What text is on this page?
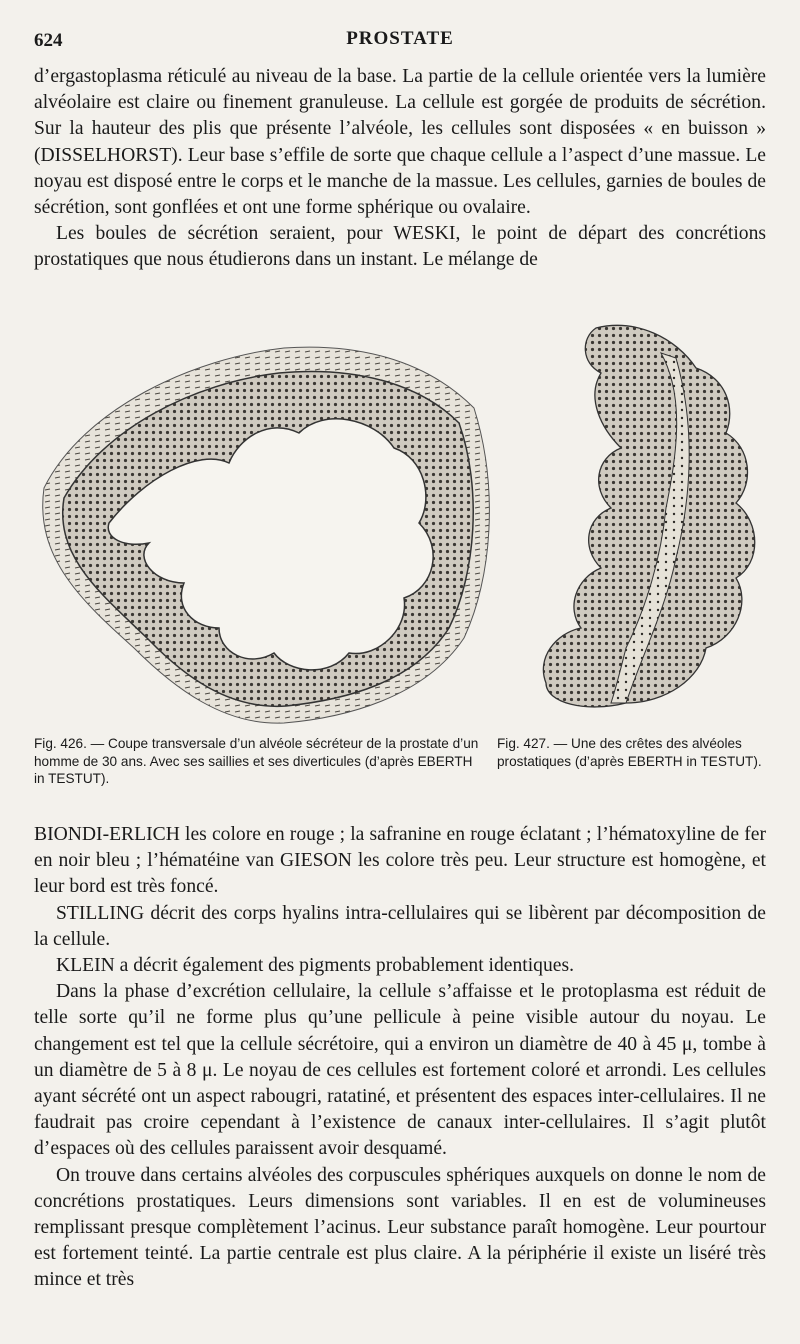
624	PROSTATE

d’ergastoplasma réticulé au niveau de la base. La partie de la cellule orientée vers la lumière alvéolaire est claire ou finement granuleuse. La cellule est gorgée de produits de sécrétion. Sur la hauteur des plis que présente l’alvéole, les cellules sont disposées « en buisson » (DISSELHORST). Leur base s’effile de sorte que chaque cellule a l’aspect d’une massue. Le noyau est disposé entre le corps et le manche de la massue. Les cellules, garnies de boules de sécrétion, sont gonflées et ont une forme sphérique ou ovalaire.

Les boules de sécrétion seraient, pour WESKI, le point de départ des concrétions prostatiques que nous étudierons dans un instant. Le mélange de

Fig. 426. — Coupe transversale d’un alvéole sécréteur de la prostate d’un homme de 30 ans. Avec ses saillies et ses diverticules (d’après EBERTH in TESTUT).
Fig. 427. — Une des crêtes des alvéoles prostatiques (d’après EBERTH in TESTUT).

BIONDI-ERLICH les colore en rouge ; la safranine en rouge éclatant ; l’hématoxyline de fer en noir bleu ; l’hématéine van GIESON les colore très peu. Leur structure est homogène, et leur bord est très foncé.

STILLING décrit des corps hyalins intra-cellulaires qui se libèrent par décomposition de la cellule.

KLEIN a décrit également des pigments probablement identiques.

Dans la phase d’excrétion cellulaire, la cellule s’affaisse et le protoplasma est réduit de telle sorte qu’il ne forme plus qu’une pellicule à peine visible autour du noyau. Le changement est tel que la cellule sécrétoire, qui a environ un diamètre de 40 à 45 μ, tombe à un diamètre de 5 à 8 μ. Le noyau de ces cellules est fortement coloré et arrondi. Les cellules ayant sécrété ont un aspect rabougri, ratatiné, et présentent des espaces inter-cellulaires. Il ne faudrait pas croire cependant à l’existence de canaux inter-cellulaires. Il s’agit plutôt d’espaces où des cellules paraissent avoir desquamé.

On trouve dans certains alvéoles des corpuscules sphériques auxquels on donne le nom de concrétions prostatiques. Leurs dimensions sont variables. Il en est de volumineuses remplissant presque complètement l’acinus. Leur substance paraît homogène. Leur pourtour est fortement teinté. La partie centrale est plus claire. A la périphérie il existe un liséré très mince et très
